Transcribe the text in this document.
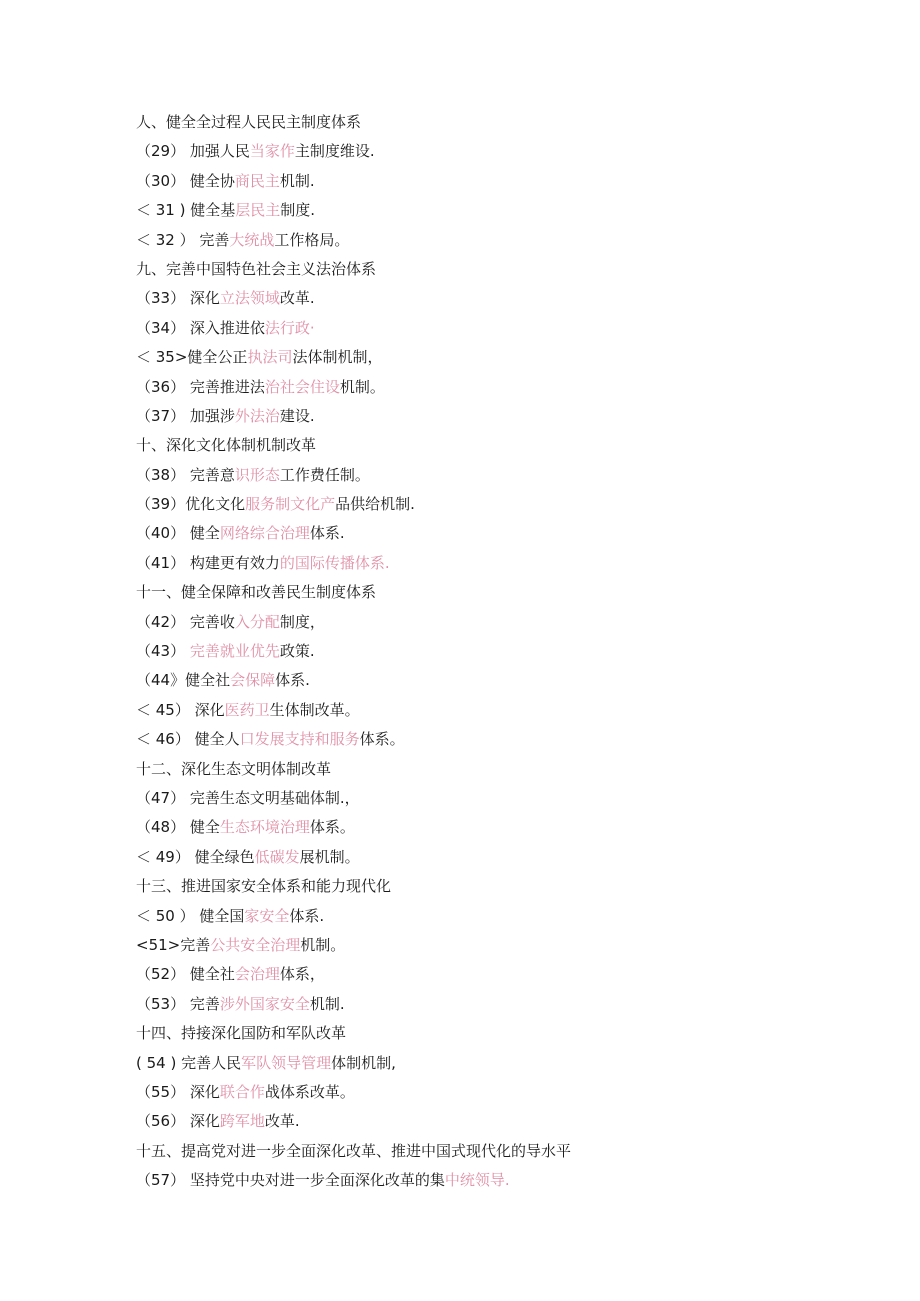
人、健全全过程人民民主制度体系
（29） 加强人民当家作主制度维设.
（30） 健全协商民主机制.
＜ 31 ) 健全基层民主制度.
＜ 32 ） 完善大统战工作格局。
九、完善中国特色社会主义法治体系
（33） 深化立法领域改革.
（34） 深入推进依法行政·
＜ 35>健全公正执法司法体制机制，
（36） 完善推进法治社会住设机制。
（37） 加强涉外法治建设.
十、深化文化体制机制改革
（38） 完善意识形态工作费任制。
（39）优化文化服务制文化产品供给机制.
（40） 健全网络综合治理体系.
（41） 构建更有效力的国际传播体系.
十一、健全保障和改善民生制度体系
（42） 完善收入分配制度，
（43） 完善就业优先政策.
（44》健全社会保障体系.
＜ 45） 深化医药卫生体制改革。
＜ 46） 健全人口发展支持和服务体系。
十二、深化生态文明体制改革
（47） 完善生态文明基础体制.，
（48） 健全生态环境治理体系。
＜ 49） 健全绿色低碳发展机制。
十三、推进国家安全体系和能力现代化
＜ 50 ） 健全国家安全体系.
<51>完善公共安全治理机制。
（52） 健全社会治理体系，
（53） 完善涉外国家安全机制.
十四、持接深化国防和军队改革
( 54 ) 完善人民军队领导管理体制机制,
（55） 深化联合作战体系改革。
（56） 深化跨军地改革.
十五、提高党对进一步全面深化改革、推进中国式现代化的导水平
（57） 坚持党中央对进一步全面深化改革的集中统领导.
